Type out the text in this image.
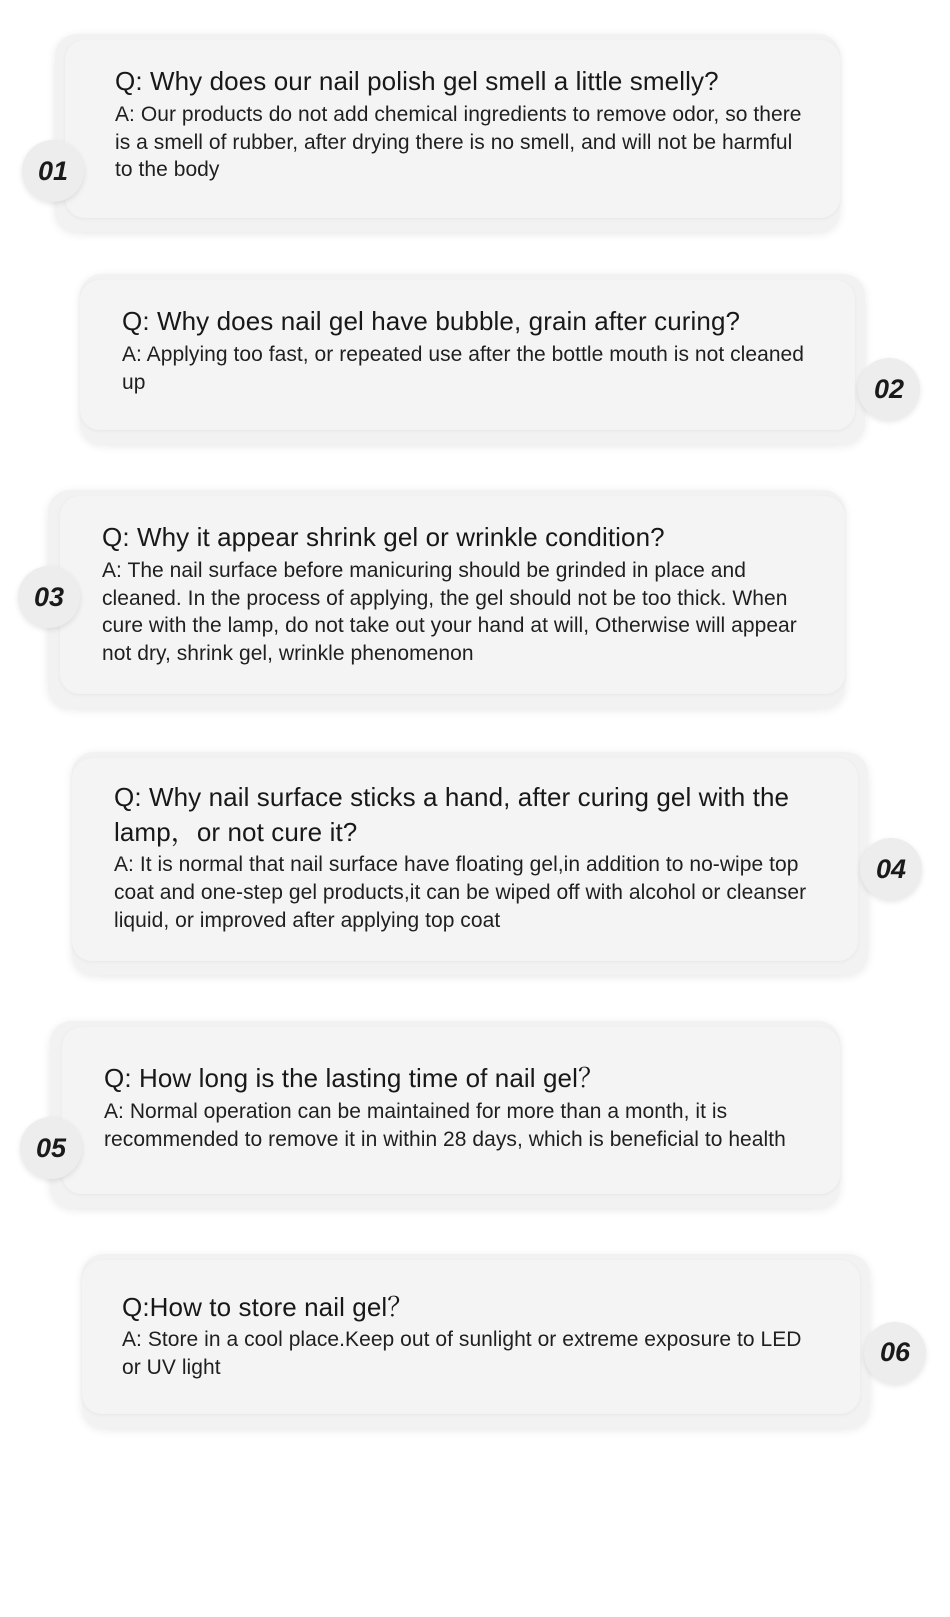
Q: Why does our nail polish gel smell a little smelly?

A: Our products do not add chemical ingredients to remove odor, so there is a smell of rubber, after drying there is no smell, and will not be harmful to the body

01

Q: Why does nail gel have bubble, grain after curing?

A: Applying too fast, or repeated use after the bottle mouth is not cleaned up	02

Q: Why it appear shrink gel or wrinkle condition?

A: The nail surface before manicuring should be grinded in place and cleaned. In the process of applying, the gel should not be too thick. When cure with the lamp, do not take out your hand at will, Otherwise will appear not dry, shrink gel, wrinkle phenomenon

03

Q: Why nail surface sticks a hand, after curing gel with the lamp，or not cure it?

A: It is normal that nail surface have floating gel,in addition to no-wipe top coat and one-step gel products,it can be wiped off with alcohol or cleanser liquid, or improved after applying top coat

04

Q: How long is the lasting time of nail gel？

A: Normal operation can be maintained for more than a month, it is recommended to remove it in within 28 days, which is beneficial to health

05

Q:How to store nail gel？

A: Store in a cool place.Keep out of sunlight or extreme exposure to LED or UV light

06
